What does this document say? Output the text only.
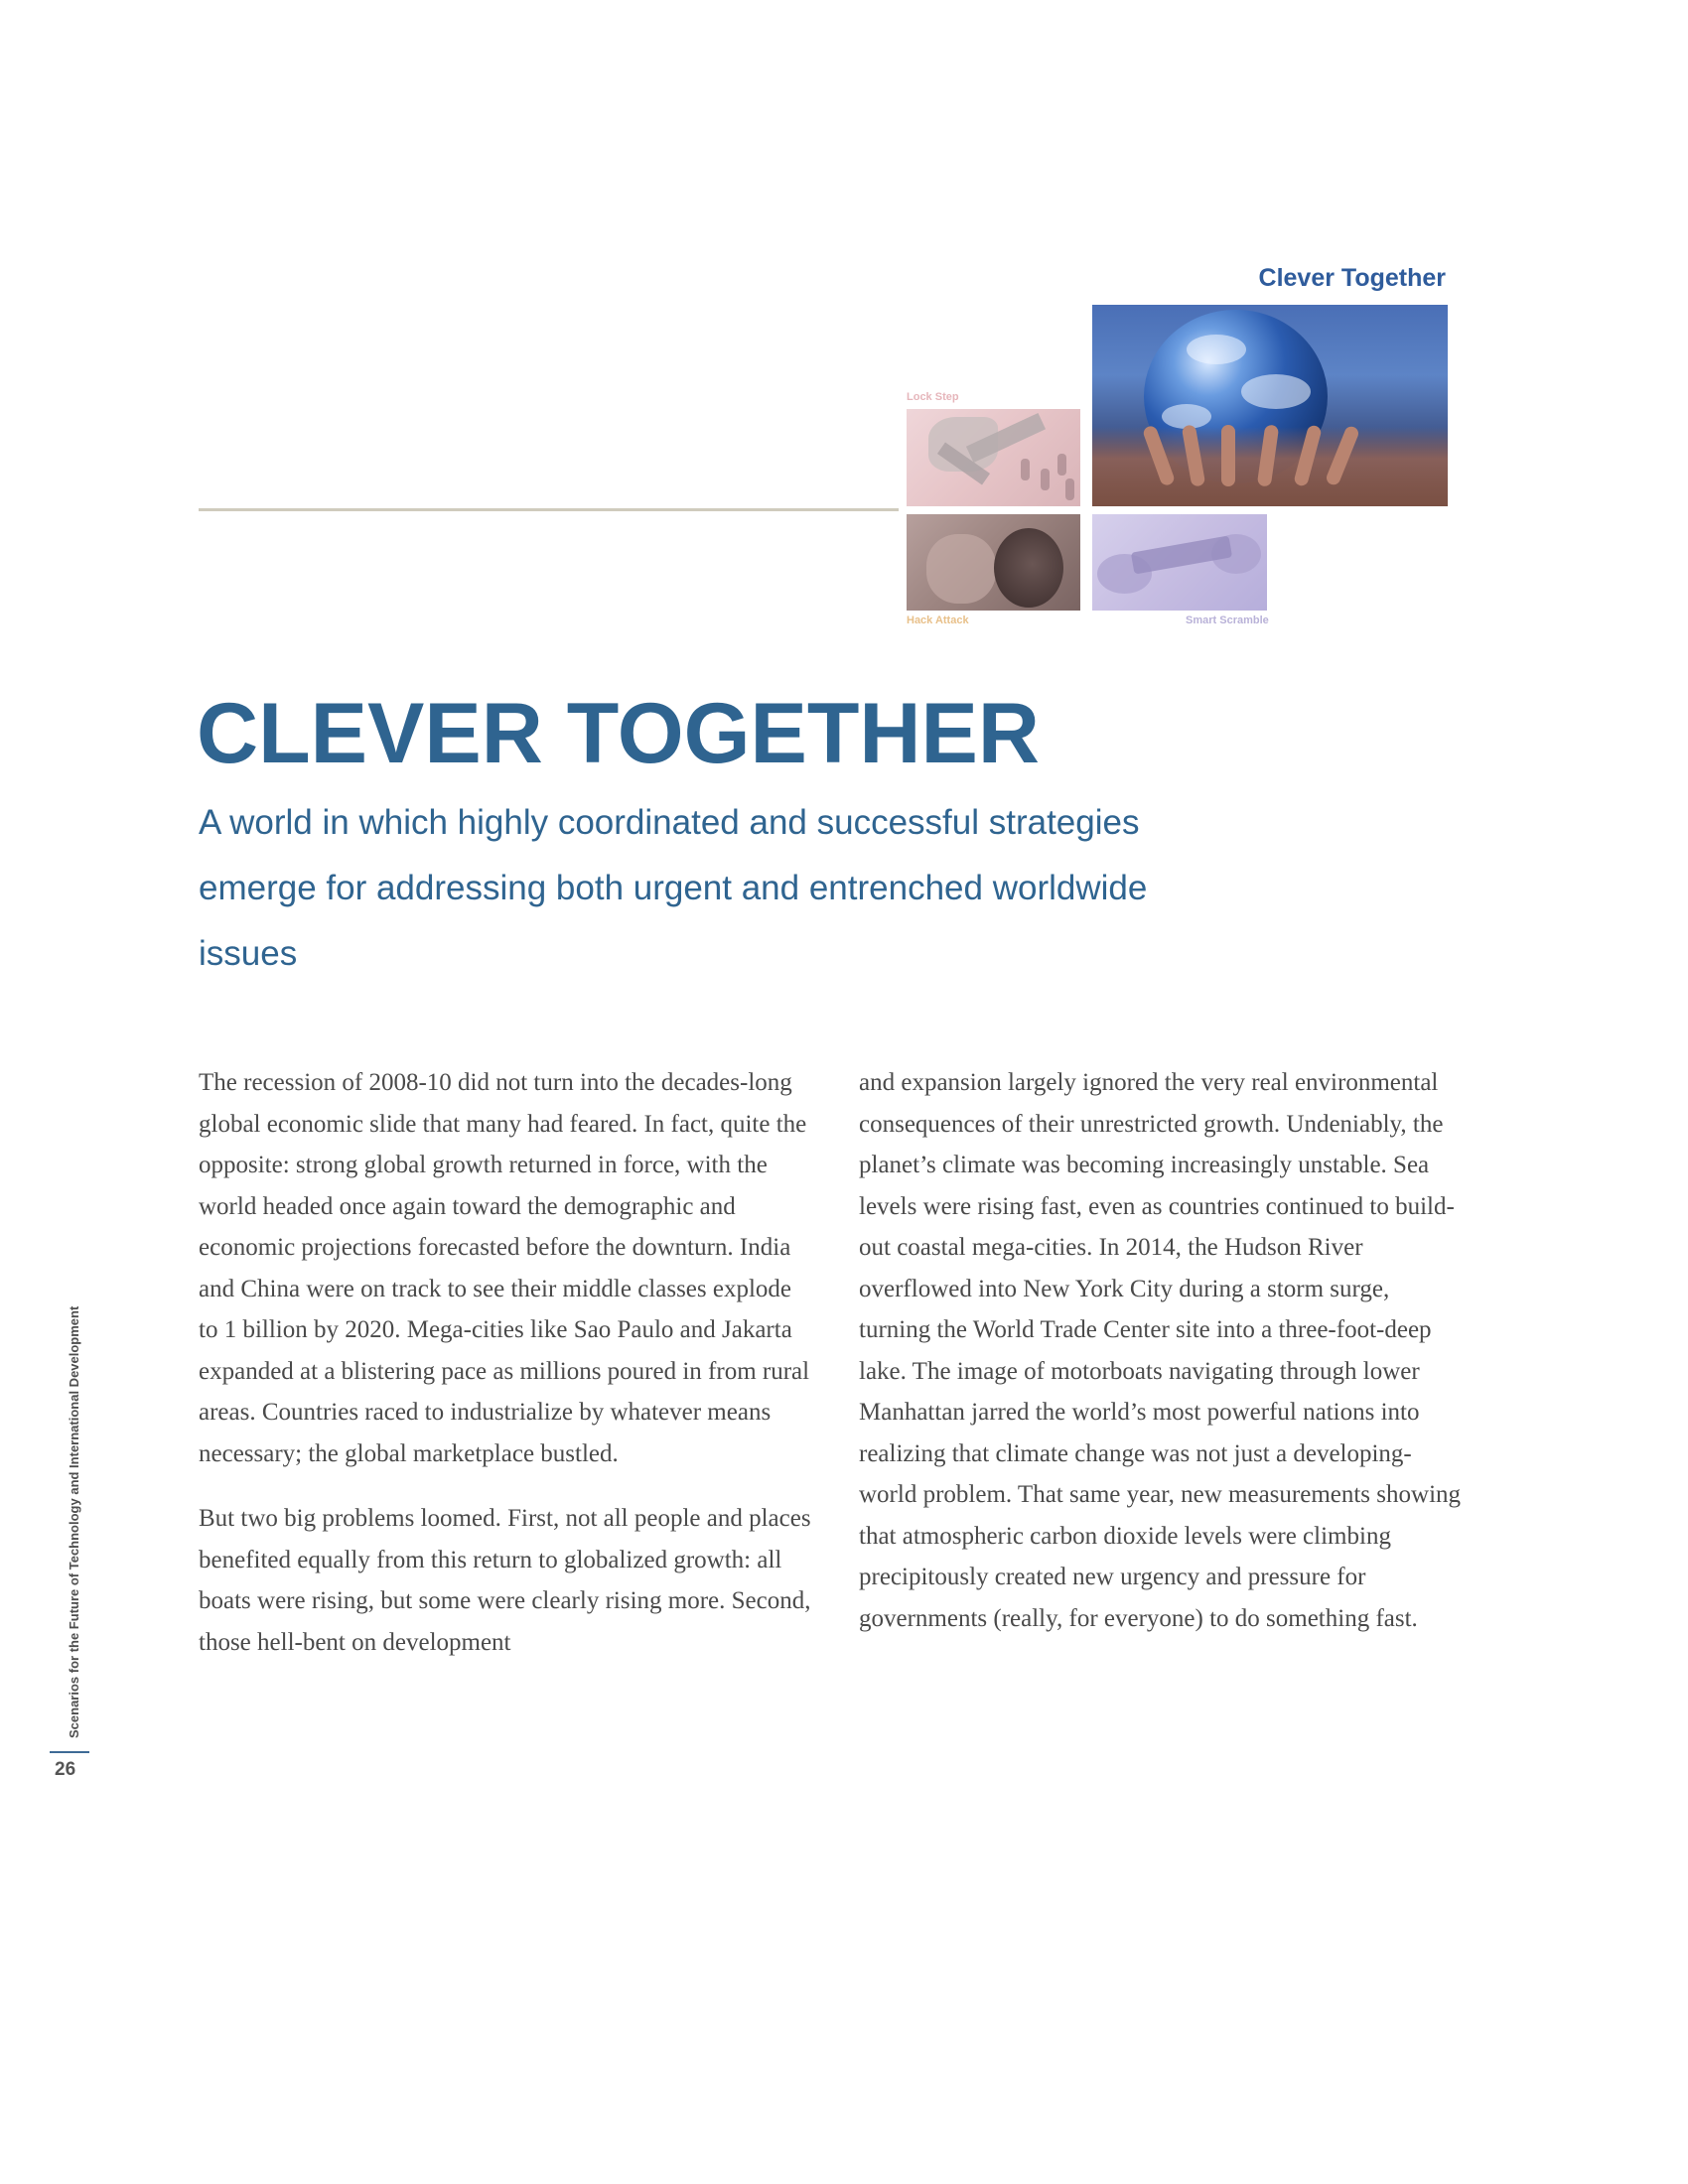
Clever Together
Lock Step
Hack Attack	Smart Scramble
CLEVER TOGETHER

A world in which highly coordinated and successful strategies emerge for addressing both urgent and entrenched worldwide issues

The recession of 2008-10 did not turn into the decades-long global economic slide that many had feared. In fact, quite the opposite: strong global growth returned in force, with the world headed once again toward the demographic and economic projections forecasted before the downturn. India and China were on track to see their middle classes explode to 1 billion by 2020. Mega-cities like Sao Paulo and Jakarta expanded at a blistering pace as millions poured in from rural areas. Countries raced to industrialize by whatever means necessary; the global marketplace bustled.

But two big problems loomed. First, not all people and places benefited equally from this return to globalized growth: all boats were rising, but some were clearly rising more. Second, those hell-bent on development

and expansion largely ignored the very real environmental consequences of their unrestricted growth. Undeniably, the planet’s climate was becoming increasingly unstable. Sea levels were rising fast, even as countries continued to build-out coastal mega-cities. In 2014, the Hudson River overflowed into New York City during a storm surge, turning the World Trade Center site into a three-foot-deep lake. The image of motorboats navigating through lower Manhattan jarred the world’s most powerful nations into realizing that climate change was not just a developing-world problem. That same year, new measurements showing that atmospheric carbon dioxide levels were climbing precipitously created new urgency and pressure for governments (really, for everyone) to do something fast.

Scenarios for the Future of Technology and International Development
26
